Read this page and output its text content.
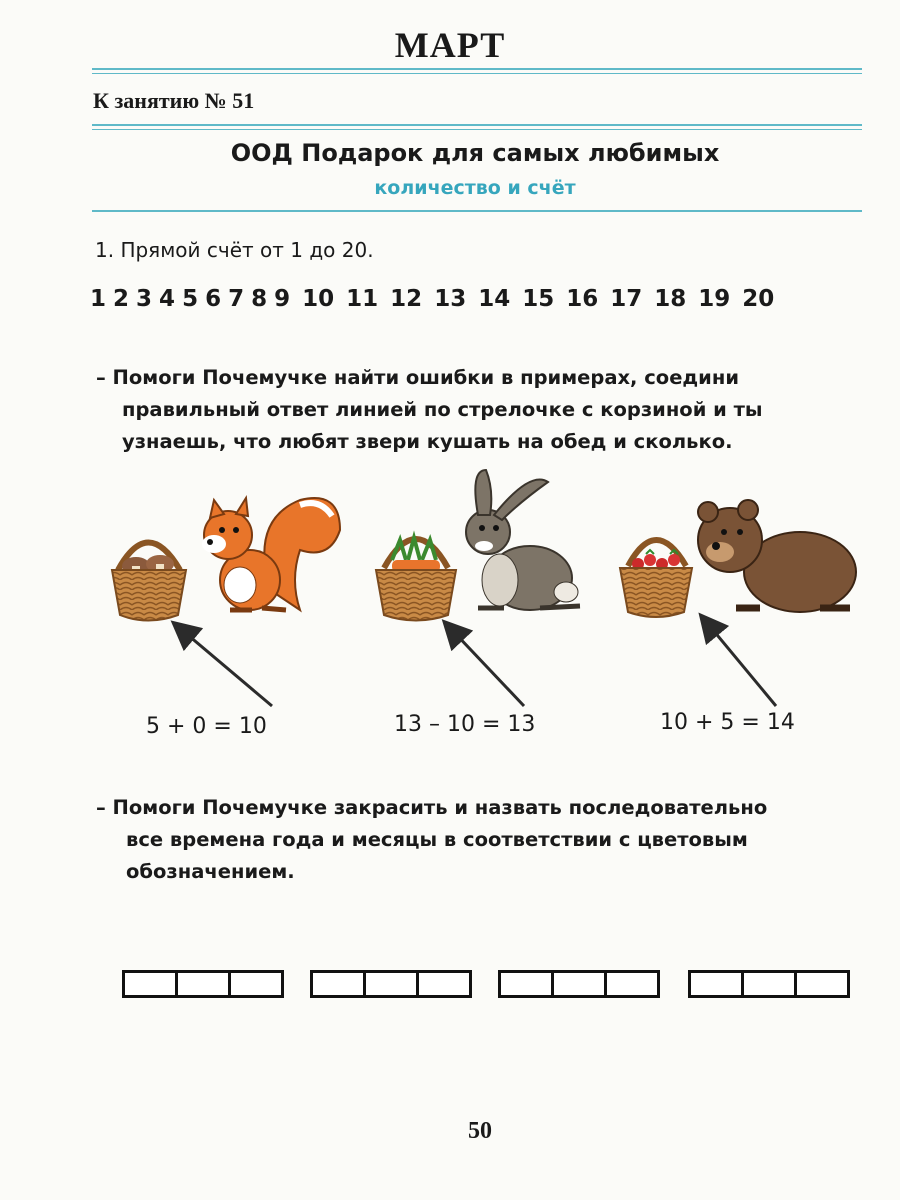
МАРТ
К занятию № 51
ООД Подарок для самых любимых
количество и счёт
1. Прямой счёт от 1 до 20.
1 2 3 4 5 6 7 8 9 10 11 12 13 14 15 16 17 18 19 20
– Помоги Почемучке найти ошибки в примерах, соедини
правильный ответ линией по стрелочке с корзиной и ты
узнаешь, что любят звери кушать на обед и сколько.
5 + 0 = 10	13 – 10 = 13	10 + 5 = 14
– Помоги Почемучке закрасить и назвать последовательно
все времена года и месяцы в соответствии с цветовым
обозначением.
50
